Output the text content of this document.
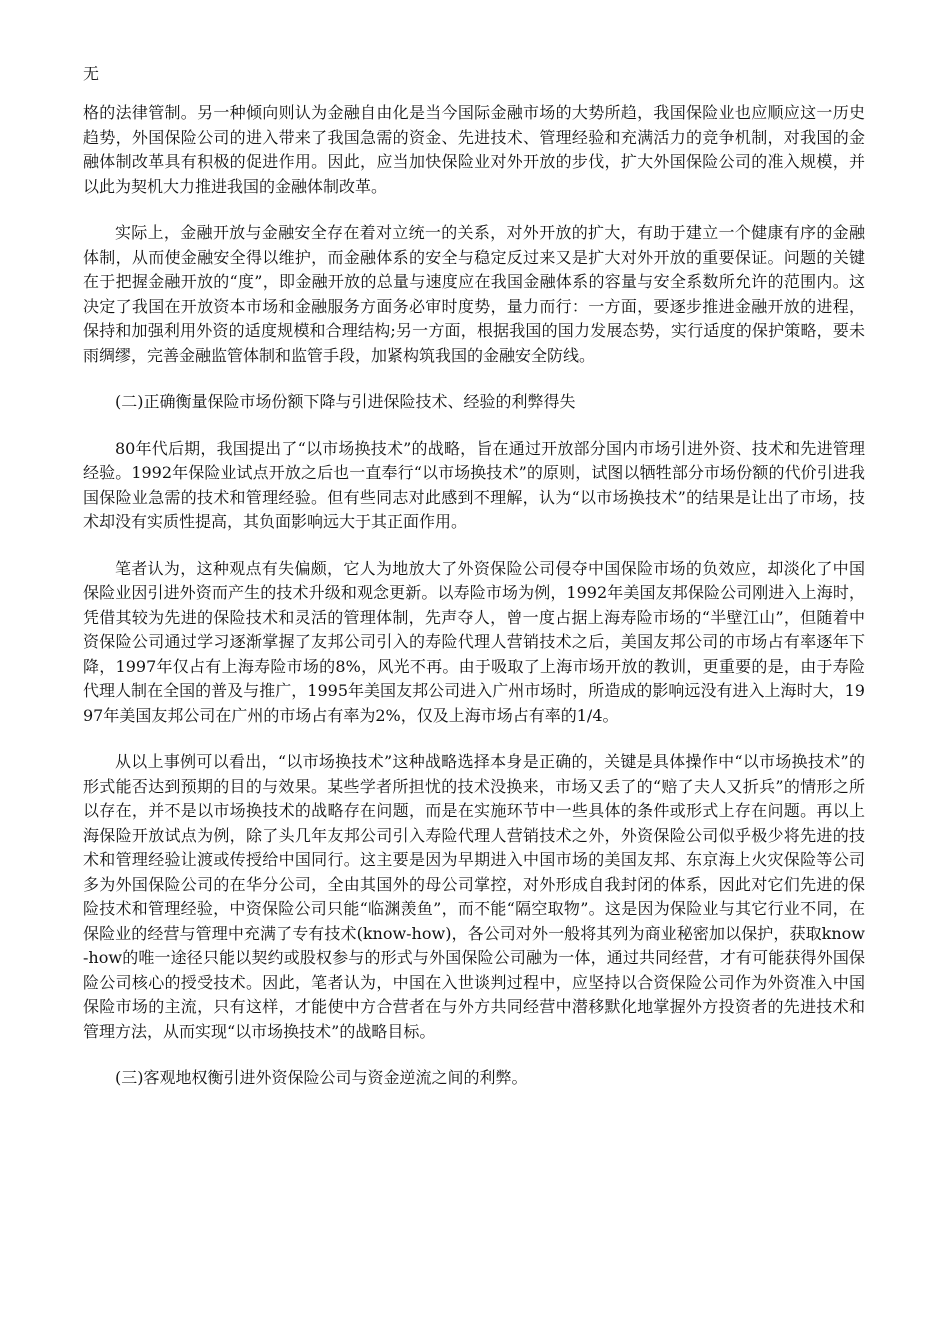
无

格的法律管制。另一种倾向则认为金融自由化是当今国际金融市场的大势所趋，我国保险业也应顺应这一历史趋势，外国保险公司的进入带来了我国急需的资金、先进技术、管理经验和充满活力的竞争机制，对我国的金融体制改革具有积极的促进作用。因此，应当加快保险业对外开放的步伐，扩大外国保险公司的准入规模，并以此为契机大力推进我国的金融体制改革。

实际上，金融开放与金融安全存在着对立统一的关系，对外开放的扩大，有助于建立一个健康有序的金融体制，从而使金融安全得以维护，而金融体系的安全与稳定反过来又是扩大对外开放的重要保证。问题的关键在于把握金融开放的“度”，即金融开放的总量与速度应在我国金融体系的容量与安全系数所允许的范围内。这决定了我国在开放资本市场和金融服务方面务必审时度势，量力而行：一方面，要逐步推进金融开放的进程，保持和加强利用外资的适度规模和合理结构;另一方面，根据我国的国力发展态势，实行适度的保护策略，要未雨绸缪，完善金融监管体制和监管手段，加紧构筑我国的金融安全防线。

(二)正确衡量保险市场份额下降与引进保险技术、经验的利弊得失

80年代后期，我国提出了“以市场换技术”的战略，旨在通过开放部分国内市场引进外资、技术和先进管理经验。1992年保险业试点开放之后也一直奉行“以市场换技术”的原则，试图以牺牲部分市场份额的代价引进我国保险业急需的技术和管理经验。但有些同志对此感到不理解，认为“以市场换技术”的结果是让出了市场，技术却没有实质性提高，其负面影响远大于其正面作用。

笔者认为，这种观点有失偏颇，它人为地放大了外资保险公司侵夺中国保险市场的负效应，却淡化了中国保险业因引进外资而产生的技术升级和观念更新。以寿险市场为例，1992年美国友邦保险公司刚进入上海时，凭借其较为先进的保险技术和灵活的管理体制，先声夺人，曾一度占据上海寿险市场的“半壁江山”，但随着中资保险公司通过学习逐渐掌握了友邦公司引入的寿险代理人营销技术之后，美国友邦公司的市场占有率逐年下降，1997年仅占有上海寿险市场的8%，风光不再。由于吸取了上海市场开放的教训，更重要的是，由于寿险代理人制在全国的普及与推广，1995年美国友邦公司进入广州市场时，所造成的影响远没有进入上海时大，1997年美国友邦公司在广州的市场占有率为2%，仅及上海市场占有率的1/4。

从以上事例可以看出，“以市场换技术”这种战略选择本身是正确的，关键是具体操作中“以市场换技术”的形式能否达到预期的目的与效果。某些学者所担忧的技术没换来，市场又丢了的“赔了夫人又折兵”的情形之所以存在，并不是以市场换技术的战略存在问题，而是在实施环节中一些具体的条件或形式上存在问题。再以上海保险开放试点为例，除了头几年友邦公司引入寿险代理人营销技术之外，外资保险公司似乎极少将先进的技术和管理经验让渡或传授给中国同行。这主要是因为早期进入中国市场的美国友邦、东京海上火灾保险等公司多为外国保险公司的在华分公司，全由其国外的母公司掌控，对外形成自我封闭的体系，因此对它们先进的保险技术和管理经验，中资保险公司只能“临渊羡鱼”，而不能“隔空取物”。这是因为保险业与其它行业不同，在保险业的经营与管理中充满了专有技术(know-how)，各公司对外一般将其列为商业秘密加以保护，获取know-how的唯一途径只能以契约或股权参与的形式与外国保险公司融为一体，通过共同经营，才有可能获得外国保险公司核心的授受技术。因此，笔者认为，中国在入世谈判过程中，应坚持以合资保险公司作为外资准入中国保险市场的主流，只有这样，才能使中方合营者在与外方共同经营中潜移默化地掌握外方投资者的先进技术和管理方法，从而实现“以市场换技术”的战略目标。

(三)客观地权衡引进外资保险公司与资金逆流之间的利弊。
